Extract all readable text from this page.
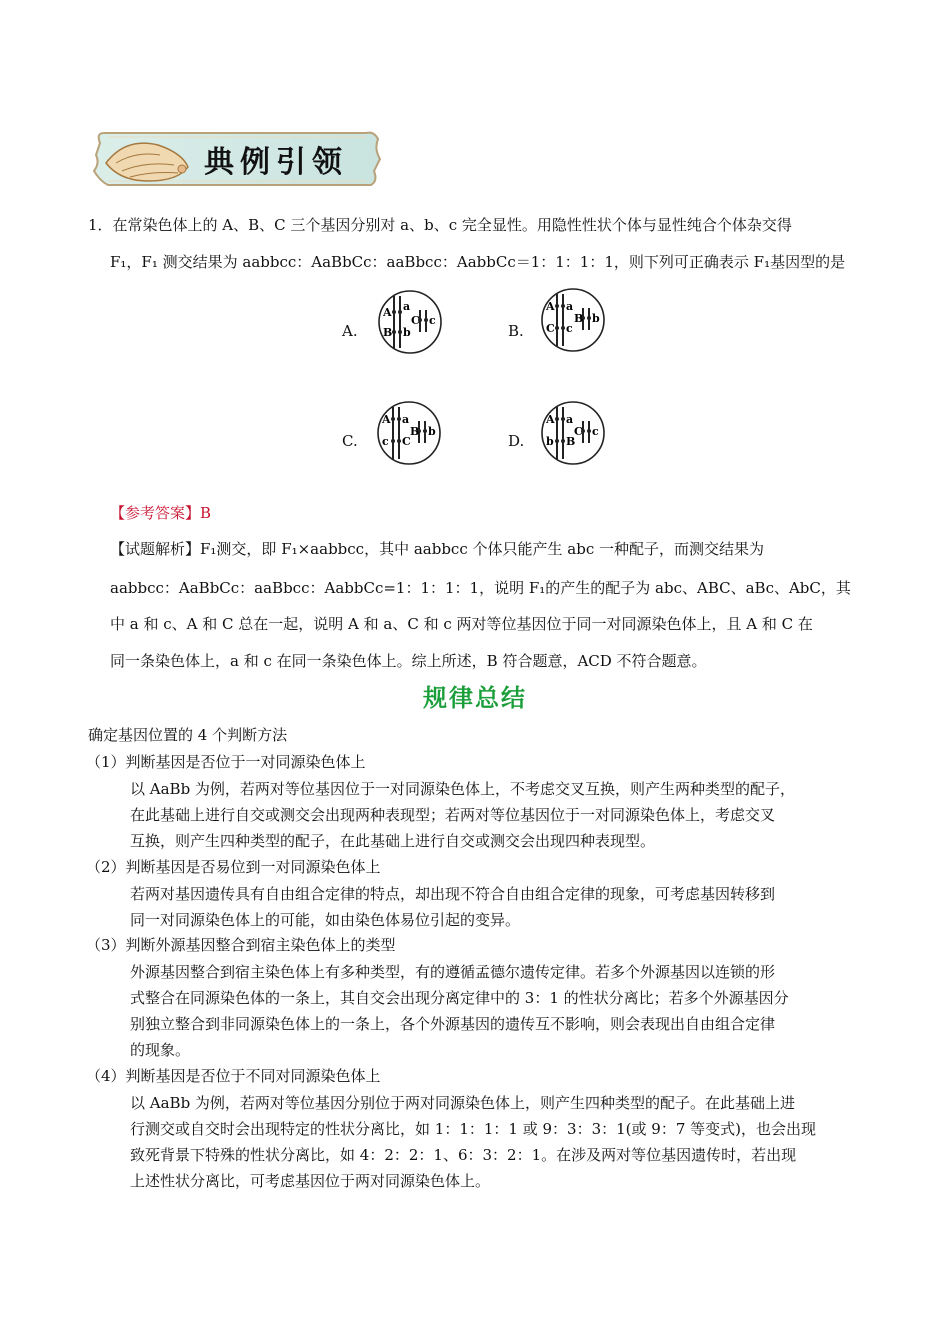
典例引领
1．在常染色体上的 A、B、C 三个基因分别对 a、b、c 完全显性。用隐性性状个体与显性纯合个体杂交得
F₁，F₁ 测交结果为 aabbcc：AaBbCc：aaBbcc：AabbCc＝1：1：1：1，则下列可正确表示 F₁基因型的是
A.
A
B
a
b
C c
B.
A
C
a
c
B b
C.
A
c
a
C
B b
D.
A
b
a
B
C c
【参考答案】B
【试题解析】F₁测交，即 F₁×aabbcc，其中 aabbcc 个体只能产生 abc 一种配子，而测交结果为
aabbcc：AaBbCc：aaBbcc：AabbCc=1：1：1：1，说明 F₁的产生的配子为 abc、ABC、aBc、AbC，其
中 a 和 c、A 和 C 总在一起，说明 A 和 a、C 和 c 两对等位基因位于同一对同源染色体上，且 A 和 C 在
同一条染色体上，a 和 c 在同一条染色体上。综上所述，B 符合题意，ACD 不符合题意。
规律总结
确定基因位置的 4 个判断方法
（1）判断基因是否位于一对同源染色体上
以 AaBb 为例，若两对等位基因位于一对同源染色体上，不考虑交叉互换，则产生两种类型的配子，
在此基础上进行自交或测交会出现两种表现型；若两对等位基因位于一对同源染色体上，考虑交叉
互换，则产生四种类型的配子，在此基础上进行自交或测交会出现四种表现型。
（2）判断基因是否易位到一对同源染色体上
若两对基因遗传具有自由组合定律的特点，却出现不符合自由组合定律的现象，可考虑基因转移到
同一对同源染色体上的可能，如由染色体易位引起的变异。
（3）判断外源基因整合到宿主染色体上的类型
外源基因整合到宿主染色体上有多种类型，有的遵循孟德尔遗传定律。若多个外源基因以连锁的形
式整合在同源染色体的一条上，其自交会出现分离定律中的 3：1 的性状分离比；若多个外源基因分
别独立整合到非同源染色体上的一条上，各个外源基因的遗传互不影响，则会表现出自由组合定律
的现象。
（4）判断基因是否位于不同对同源染色体上
以 AaBb 为例，若两对等位基因分别位于两对同源染色体上，则产生四种类型的配子。在此基础上进
行测交或自交时会出现特定的性状分离比，如 1：1：1：1 或 9：3：3：1(或 9：7 等变式)，也会出现
致死背景下特殊的性状分离比，如 4：2：2：1、6：3：2：1。在涉及两对等位基因遗传时，若出现
上述性状分离比，可考虑基因位于两对同源染色体上。
